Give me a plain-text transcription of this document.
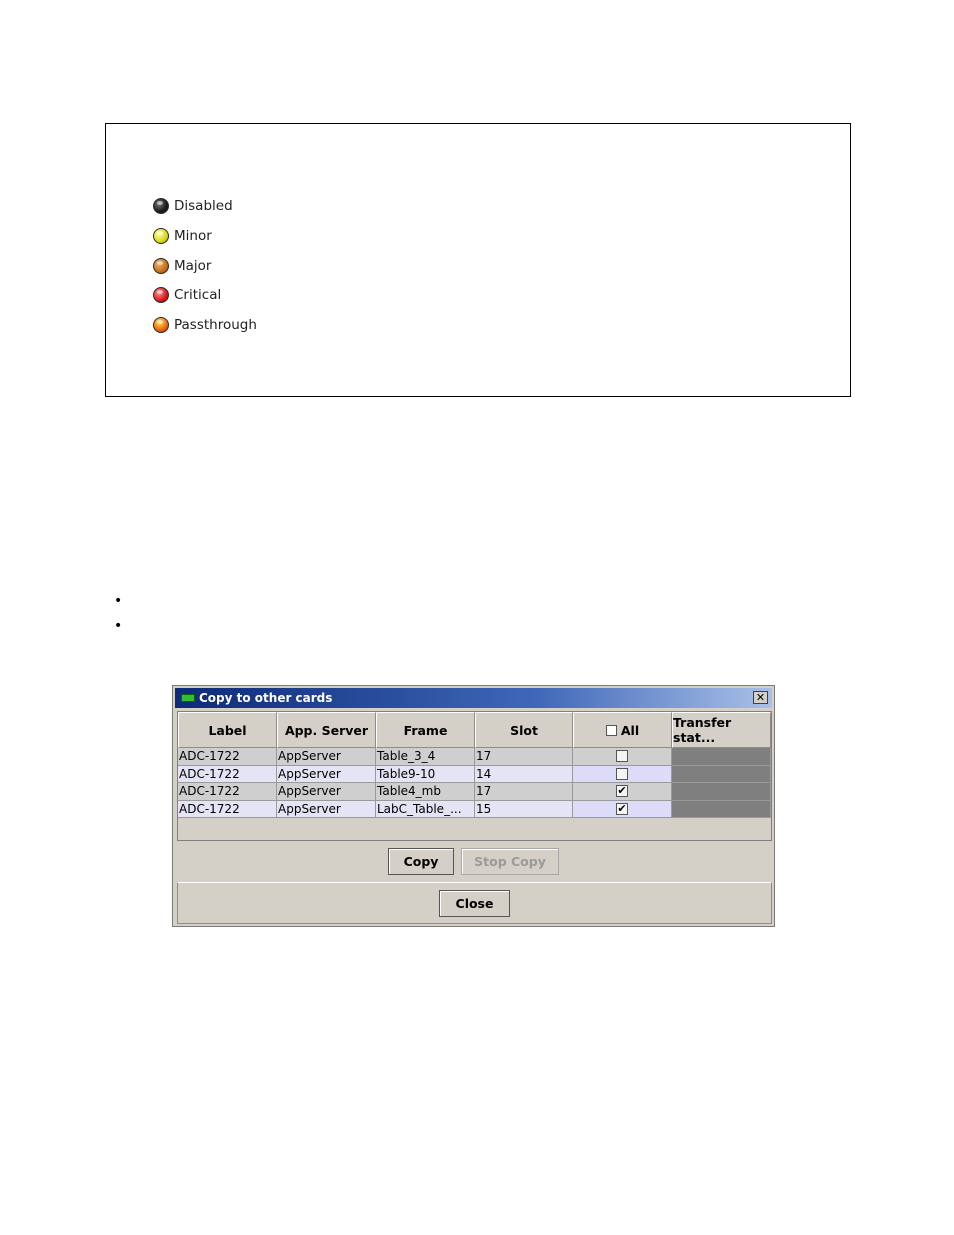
Disabled
Minor
Major
Critical
Passthrough
•
•
Copy to other cards	✕
Label	App. Server	Frame	Slot	All	Transfer stat...
ADC-1722	AppServer	Table_3_4	17
ADC-1722	AppServer	Table9-10	14
ADC-1722	AppServer	Table4_mb	17	✔
ADC-1722	AppServer	LabC_Table_...	15	✔
Copy	Stop Copy
Close
